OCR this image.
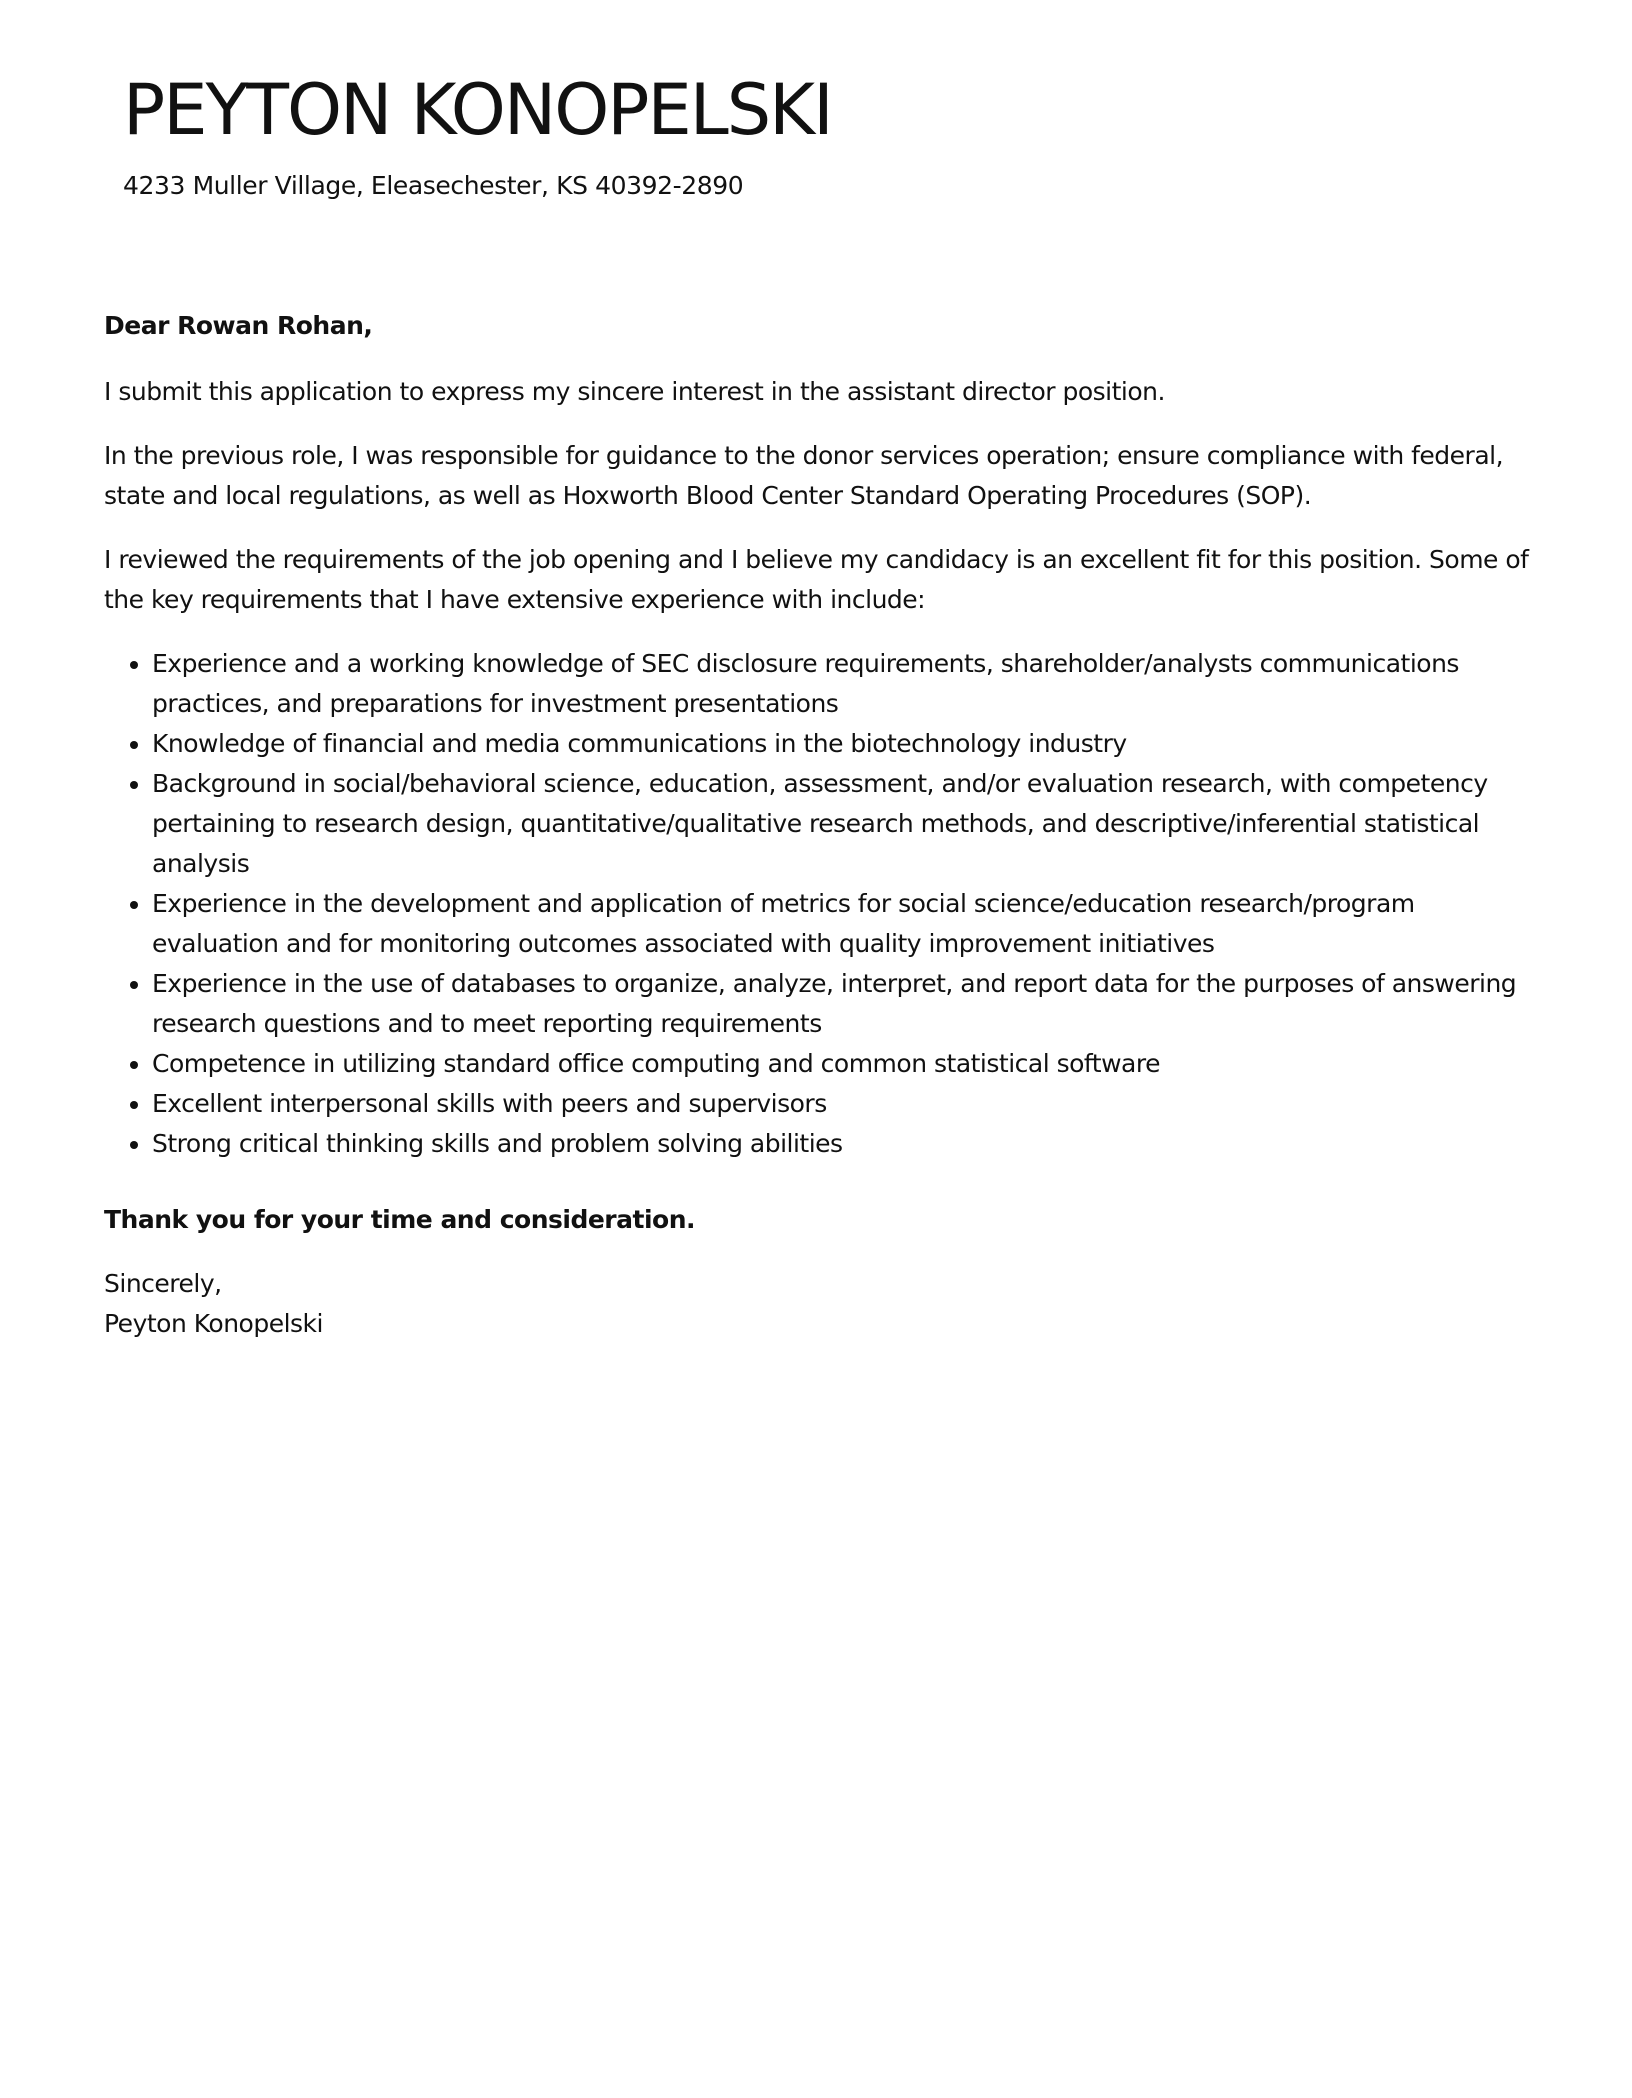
PEYTON KONOPELSKI
4233 Muller Village, Eleasechester, KS 40392-2890

Dear Rowan Rohan,

I submit this application to express my sincere interest in the assistant director position.

In the previous role, I was responsible for guidance to the donor services operation; ensure compliance with federal, state and local regulations, as well as Hoxworth Blood Center Standard Operating Procedures (SOP).

I reviewed the requirements of the job opening and I believe my candidacy is an excellent fit for this position. Some of the key requirements that I have extensive experience with include:

• Experience and a working knowledge of SEC disclosure requirements, shareholder/analysts communications practices, and preparations for investment presentations
• Knowledge of financial and media communications in the biotechnology industry
• Background in social/behavioral science, education, assessment, and/or evaluation research, with competency pertaining to research design, quantitative/qualitative research methods, and descriptive/inferential statistical analysis
• Experience in the development and application of metrics for social science/education research/program evaluation and for monitoring outcomes associated with quality improvement initiatives
• Experience in the use of databases to organize, analyze, interpret, and report data for the purposes of answering research questions and to meet reporting requirements
• Competence in utilizing standard office computing and common statistical software
• Excellent interpersonal skills with peers and supervisors
• Strong critical thinking skills and problem solving abilities

Thank you for your time and consideration.

Sincerely,

Peyton Konopelski
